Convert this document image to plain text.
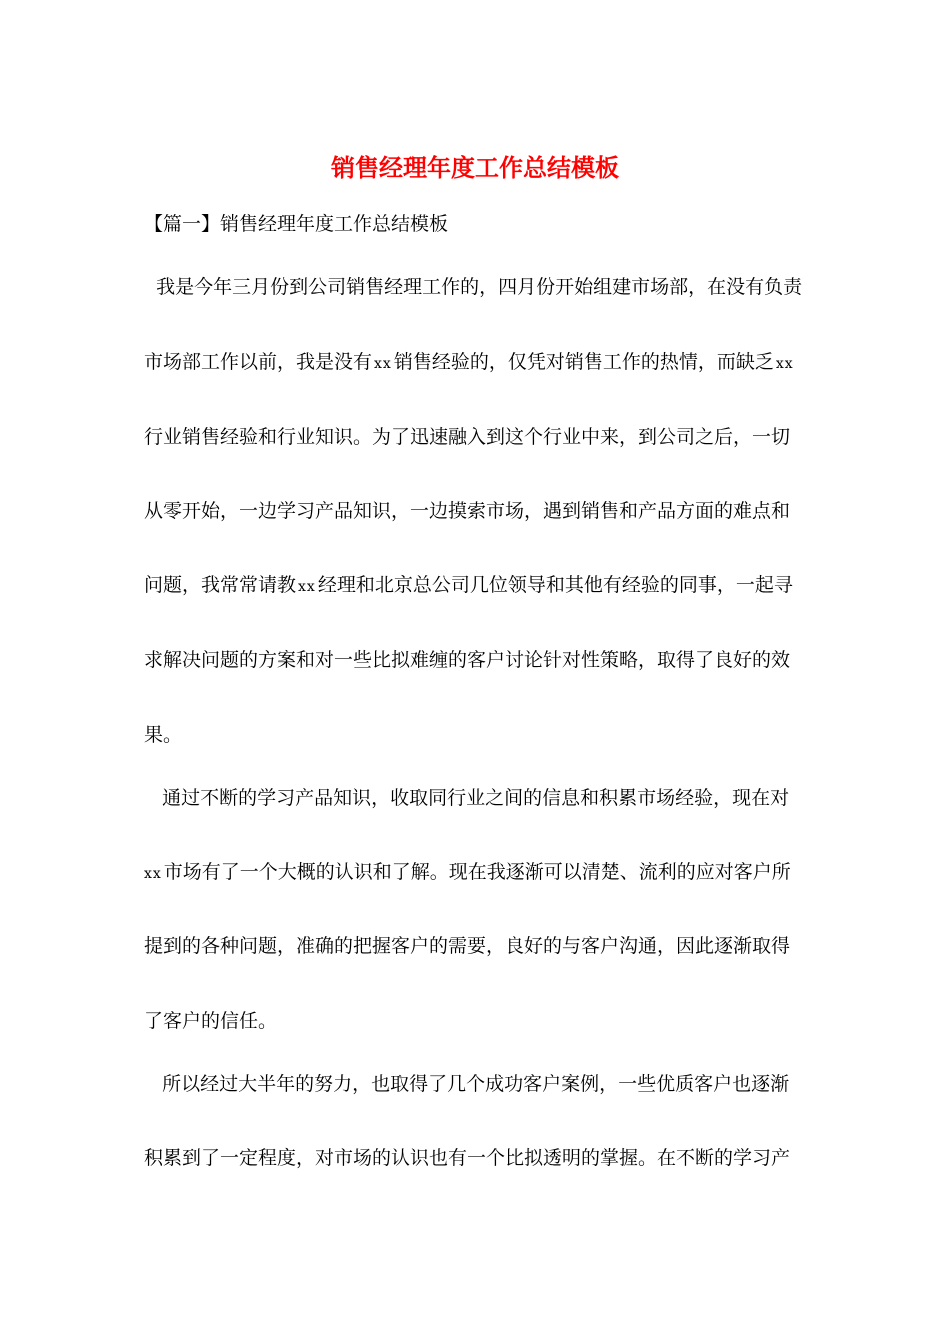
销售经理年度工作总结模板

【篇一】销售经理年度工作总结模板

我是今年三月份到公司销售经理工作的，四月份开始组建市场部，在没有负责

市场部工作以前，我是没有 xx 销售经验的，仅凭对销售工作的热情，而缺乏 xx

行业销售经验和行业知识。为了迅速融入到这个行业中来，到公司之后，一切

从零开始，一边学习产品知识，一边摸索市场，遇到销售和产品方面的难点和

问题，我常常请教 xx 经理和北京总公司几位领导和其他有经验的同事，一起寻

求解决问题的方案和对一些比拟难缠的客户讨论针对性策略，取得了良好的效

果。

通过不断的学习产品知识，收取同行业之间的信息和积累市场经验，现在对

xx 市场有了一个大概的认识和了解。现在我逐渐可以清楚、流利的应对客户所

提到的各种问题，准确的把握客户的需要，良好的与客户沟通，因此逐渐取得

了客户的信任。

所以经过大半年的努力，也取得了几个成功客户案例，一些优质客户也逐渐

积累到了一定程度，对市场的认识也有一个比拟透明的掌握。在不断的学习产
